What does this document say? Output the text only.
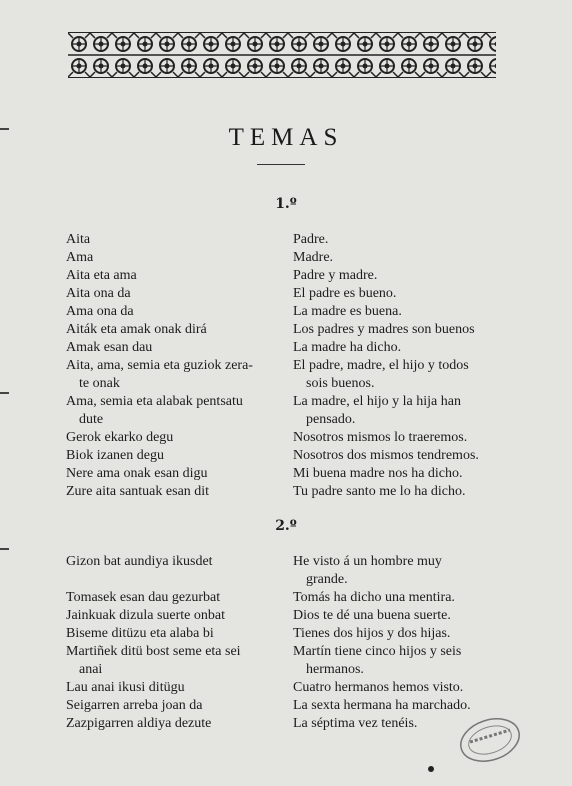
TEMAS
1.º
Aita
Ama
Aita eta ama
Aita ona da
Ama ona da
Aiták eta amak onak dirá
Amak esan dau
Aita, ama, semia eta guziok zera-
te onak
Ama, semia eta alabak pentsatu
dute
Gerok ekarko degu
Biok izanen degu
Nere ama onak esan digu
Zure aita santuak esan dit
Padre.
Madre.
Padre y madre.
El padre es bueno.
La madre es buena.
Los padres y madres son buenos
La madre ha dicho.
El padre, madre, el hijo y todos
sois buenos.
La madre, el hijo y la hija han
pensado.
Nosotros mismos lo traeremos.
Nosotros dos mismos tendremos.
Mi buena madre nos ha dicho.
Tu padre santo me lo ha dicho.
2.º
Gizon bat aundiya ikusdet
Tomasek esan dau gezurbat
Jainkuak dizula suerte onbat
Biseme ditüzu eta alaba bi
Martiñek ditü bost seme eta sei
anai
Lau anai ikusi ditügu
Seigarren arreba joan da
Zazpigarren aldiya dezute
He visto á un hombre muy
grande.
Tomás ha dicho una mentira.
Dios te dé una buena suerte.
Tienes dos hijos y dos hijas.
Martín tiene cinco hijos y seis
hermanos.
Cuatro hermanos hemos visto.
La sexta hermana ha marchado.
La séptima vez tenéis.
